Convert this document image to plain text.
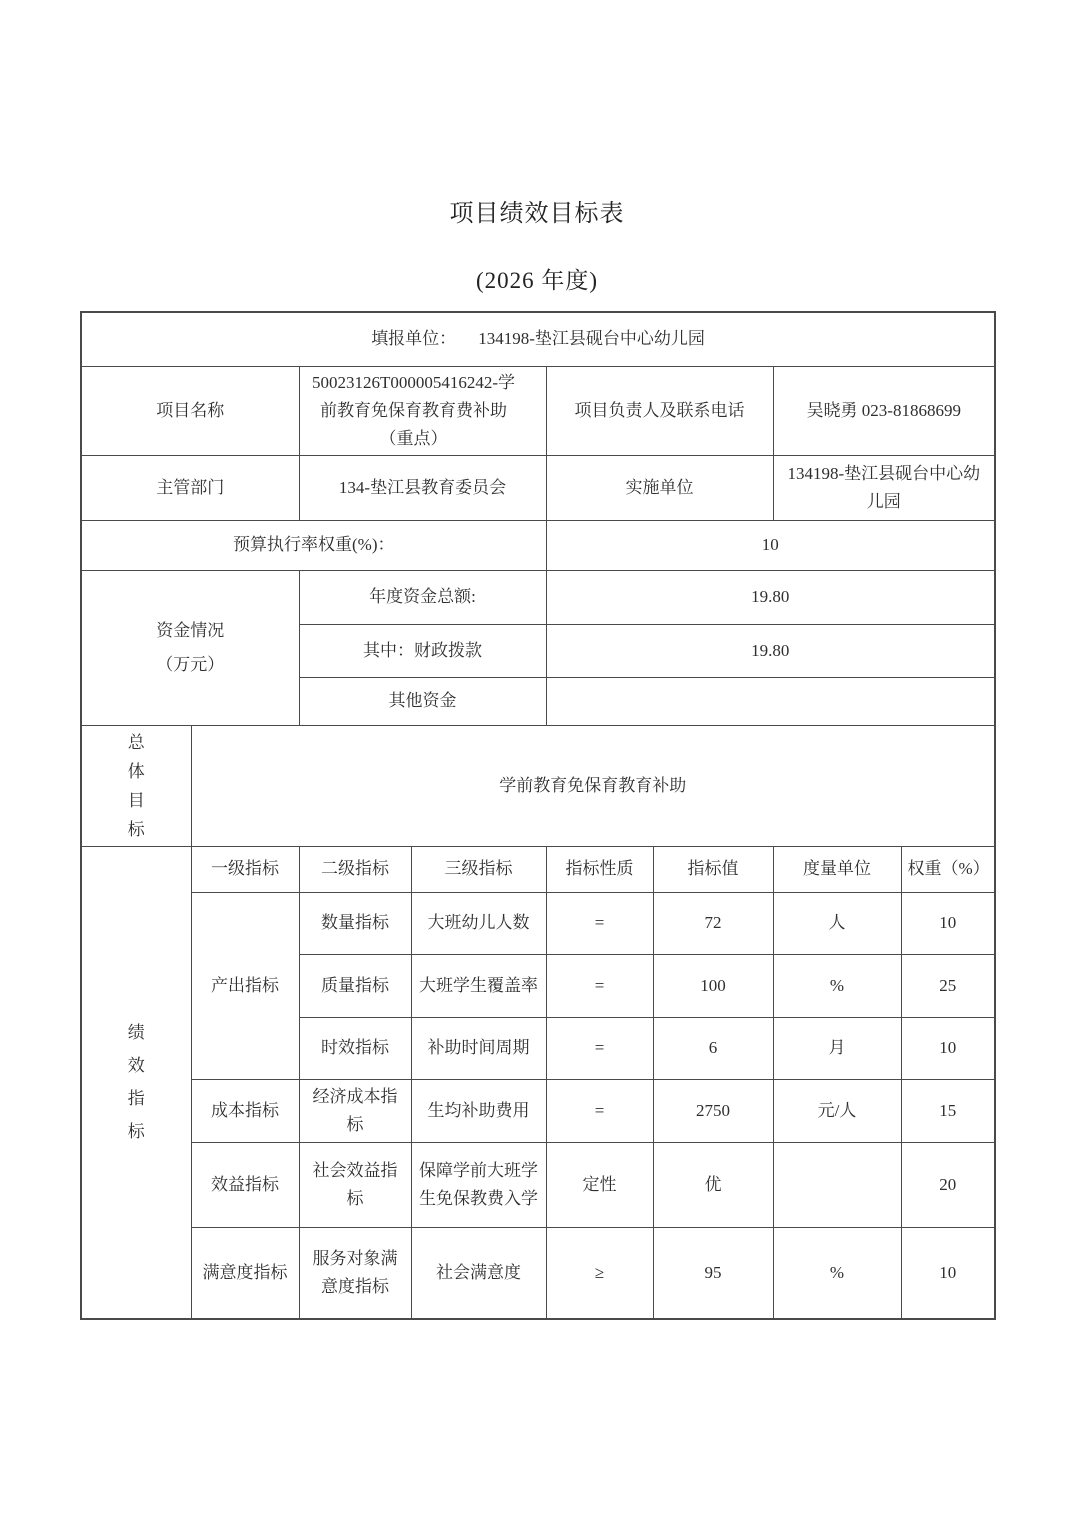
项目绩效目标表
(2026 年度)
填报单位： 134198-垫江县砚台中心幼儿园							
项目名称		50023126T000005416242-学前教育免保育教育费补助（重点）		项目负责人及联系电话		吴晓勇 023-81868699	
主管部门		134-垫江县教育委员会		实施单位		134198-垫江县砚台中心幼儿园	
预算执行率权重(%)：				10			

资金情况
（万元）		年度资金总额:		19.80			
		其中：财政拨款		19.80			
		其他资金					

总体目标	学前教育免保育教育补助						

绩效指标	一级指标	二级指标	三级指标	指标性质	指标值	度量单位	权重（%）
	产出指标	数量指标	大班幼儿人数	=	72	人	10
		质量指标	大班学生覆盖率	=	100	%	25
		时效指标	补助时间周期	=	6	月	10
	成本指标	经济成本指标	生均补助费用	=	2750	元/人	15
	效益指标	社会效益指标	保障学前大班学生免保教费入学	定性	优		20
	满意度指标	服务对象满意度指标	社会满意度	≥	95	%	10
